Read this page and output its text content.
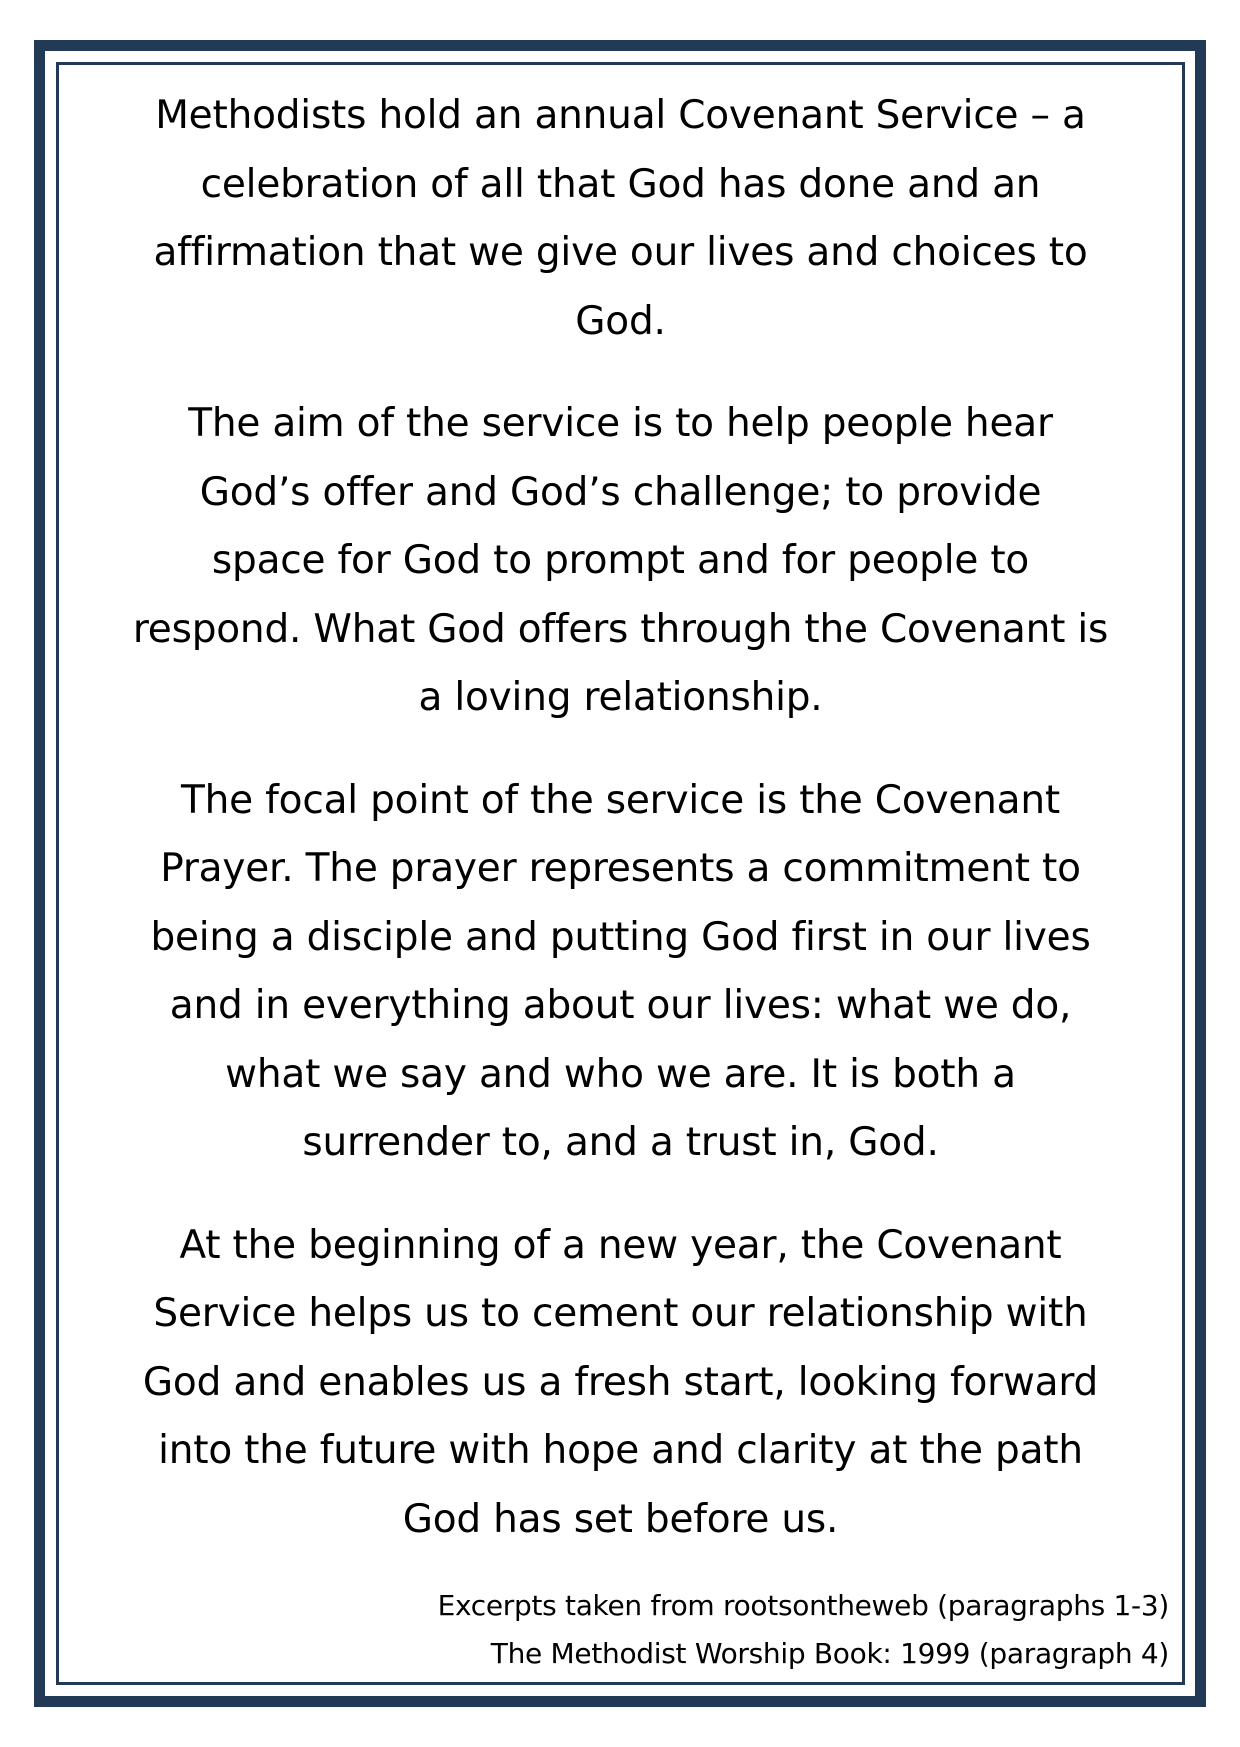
Methodists hold an annual Covenant Service – a
celebration of all that God has done and an
affirmation that we give our lives and choices to
God.

The aim of the service is to help people hear
God’s offer and God’s challenge; to provide
space for God to prompt and for people to
respond. What God offers through the Covenant is
a loving relationship.

The focal point of the service is the Covenant
Prayer. The prayer represents a commitment to
being a disciple and putting God first in our lives
and in everything about our lives: what we do,
what we say and who we are. It is both a
surrender to, and a trust in, God.

At the beginning of a new year, the Covenant
Service helps us to cement our relationship with
God and enables us a fresh start, looking forward
into the future with hope and clarity at the path
God has set before us.

Excerpts taken from rootsontheweb (paragraphs 1-3)
The Methodist Worship Book: 1999 (paragraph 4)
